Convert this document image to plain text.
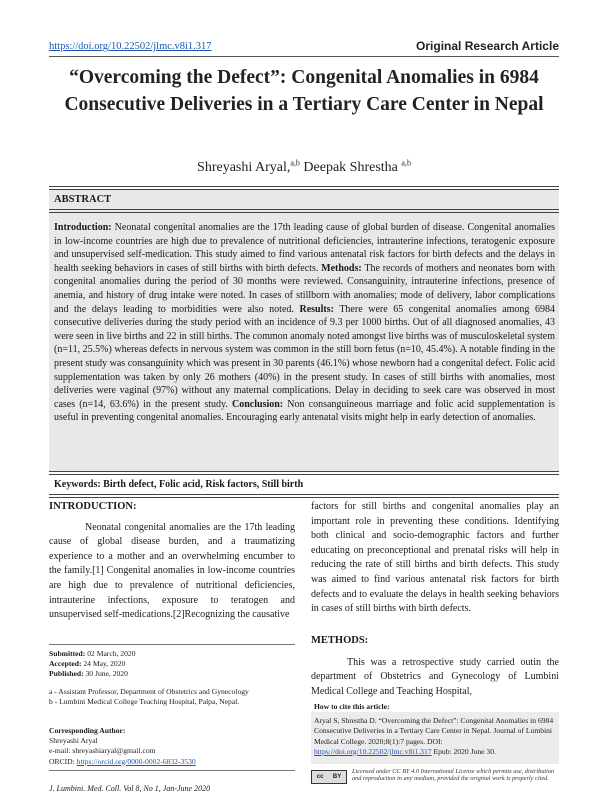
https://doi.org/10.22502/jlmc.v8i1.317	Original Research Article
“Overcoming the Defect”: Congenital Anomalies in 6984 Consecutive Deliveries in a Tertiary Care Center in Nepal
Shreyashi Aryal,$^{a,b}$ Deepak Shrestha $^{a,b}$
ABSTRACT
Introduction: Neonatal congenital anomalies are the 17th leading cause of global burden of disease. Congenital anomalies in low-income countries are high due to prevalence of nutritional deficiencies, intrauterine infections, teratogenic exposure and unsupervised self-medication. This study aimed to find various antenatal risk factors for birth defects and the delays in health seeking behaviors in cases of still births with birth defects. Methods: The records of mothers and neonates born with congenital anomalies during the period of 30 months were reviewed. Consanguinity, intrauterine infections, presence of anemia, and history of drug intake were noted. In cases of stillborn with anomalies; mode of delivery, labor complications and the delays leading to morbidities were also noted. Results: There were 65 congenital anomalies among 6984 consecutive deliveries during the study period with an incidence of 9.3 per 1000 births. Out of all diagnosed anomalies, 43 were seen in live births and 22 in still births. The common anomaly noted amongst live births was of musculoskeletal system (n=11, 25.5%) whereas defects in nervous system was common in the still born fetus (n=10, 45.4%). A notable finding in the present study was consanguinity which was present in 30 parents (46.1%) whose newborn had a congenital defect. Folic acid supplementation was taken by only 26 mothers (40%) in the present study. In cases of still births with anomalies, most deliveries were vaginal (97%) without any maternal complications. Delay in deciding to seek care was observed in most cases (n=14, 63.6%) in the present study. Conclusion: Non consanguineous marriage and folic acid supplementation is useful in preventing congenital anomalies. Encouraging early antenatal visits might help in early detection of anomalies.
Keywords: Birth defect, Folic acid, Risk factors, Still birth
INTRODUCTION:
Neonatal congenital anomalies are the 17th leading cause of global disease burden, and a traumatizing experience to a mother and an overwhelming encumber to the family.[1] Congenital anomalies in low-income countries are high due to prevalence of nutritional deficiencies, intrauterine infections, exposure to teratogen and unsupervised self-medications.[2]Recognizing the causative
Submitted: 02 March, 2020
Accepted: 24 May, 2020
Published: 30 June, 2020
a - Assistant Professor, Department of Obstetrics and Gynecology
b - Lumbini Medical College Teaching Hospital, Palpa, Nepal.
Corresponding Author:
Shreyashi Aryal
e-mail: shreyashiaryal@gmail.com
ORCID: https://orcid.org/0000-0002-6832-3530
J. Lumbini. Med. Coll. Vol 8, No 1, Jan-June 2020
factors for still births and congenital anomalies play an important role in preventing these conditions. Identifying both clinical and socio-demographic factors and further educating on preconceptional and prenatal risks will help in reducing the rate of still births and birth defects. This study was aimed to find various antenatal risk factors for birth defects and to evaluate the delays in health seeking behaviors in cases of still births with birth defects.
METHODS:
This was a retrospective study carried outin the department of Obstetrics and Gynecology of Lumbini Medical College and Teaching Hospital,
How to cite this article:
Aryal S, Shrestha D. “Overcoming the Defect”: Congenital Anomalies in 6984 Consecutive Deliveries in a Tertiary Care Center in Nepal. Journal of Lumbini Medical College. 2020;8(1):7 pages. DOI: https://doi.org/10.22502/jlmc.v8i1.317 Epub: 2020 June 30.
cc BY
Licensed under CC BY 4.0 International License which permits use, distribution and reproduction in any medium, provided the original work is properly cited.
